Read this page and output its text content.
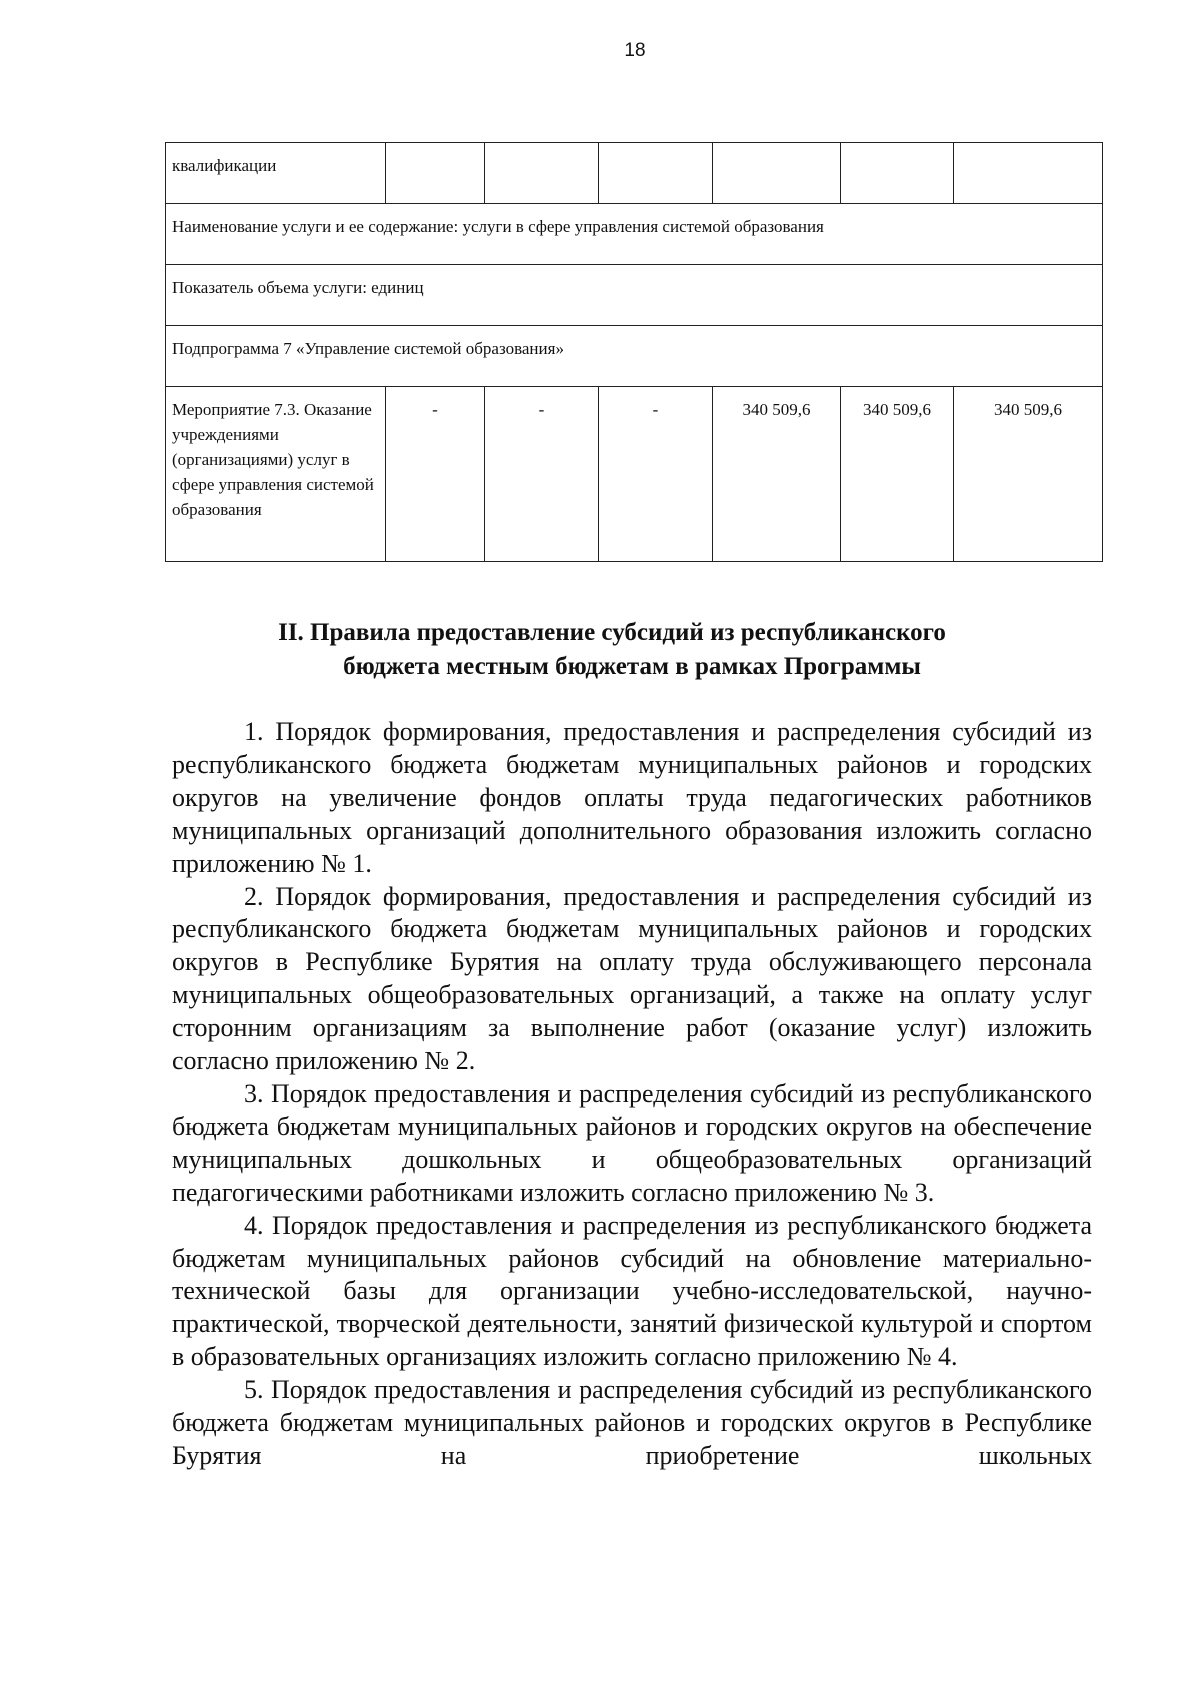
18
квалификации						
Наименование услуги и ее содержание: услуги в сфере управления системой образования						
Показатель объема услуги: единиц						
Подпрограмма 7 «Управление системой образования»						
Мероприятие 7.3. Оказание учреждениями (организациями) услуг в сфере управления системой образования	-	-	-	340 509,6	340 509,6	340 509,6
II. Правила предоставление субсидий из республиканского
бюджета местным бюджетам в рамках Программы

1. Порядок формирования, предоставления и распределения субсидий из республиканского бюджета бюджетам муниципальных районов и городских округов на увеличение фондов оплаты труда педагогических работников муниципальных организаций дополнительного образования изложить согласно приложению № 1.

2. Порядок формирования, предоставления и распределения субсидий из республиканского бюджета бюджетам муниципальных районов и городских округов в Республике Бурятия на оплату труда обслуживающего персонала муниципальных общеобразовательных организаций, а также на оплату услуг сторонним организациям за выполнение работ (оказание услуг) изложить согласно приложению № 2.

3. Порядок предоставления и распределения субсидий из республиканского бюджета бюджетам муниципальных районов и городских округов на обеспечение муниципальных дошкольных и общеобразовательных организаций педагогическими работниками изложить согласно приложению № 3.

4. Порядок предоставления и распределения из республиканского бюджета бюджетам муниципальных районов субсидий на обновление материально-технической базы для организации учебно-исследовательской, научно-практической, творческой деятельности, занятий физической культурой и спортом в образовательных организациях изложить согласно приложению № 4.

5. Порядок предоставления и распределения субсидий из республиканского бюджета бюджетам муниципальных районов и городских округов в Республике Бурятия на приобретение школьных
